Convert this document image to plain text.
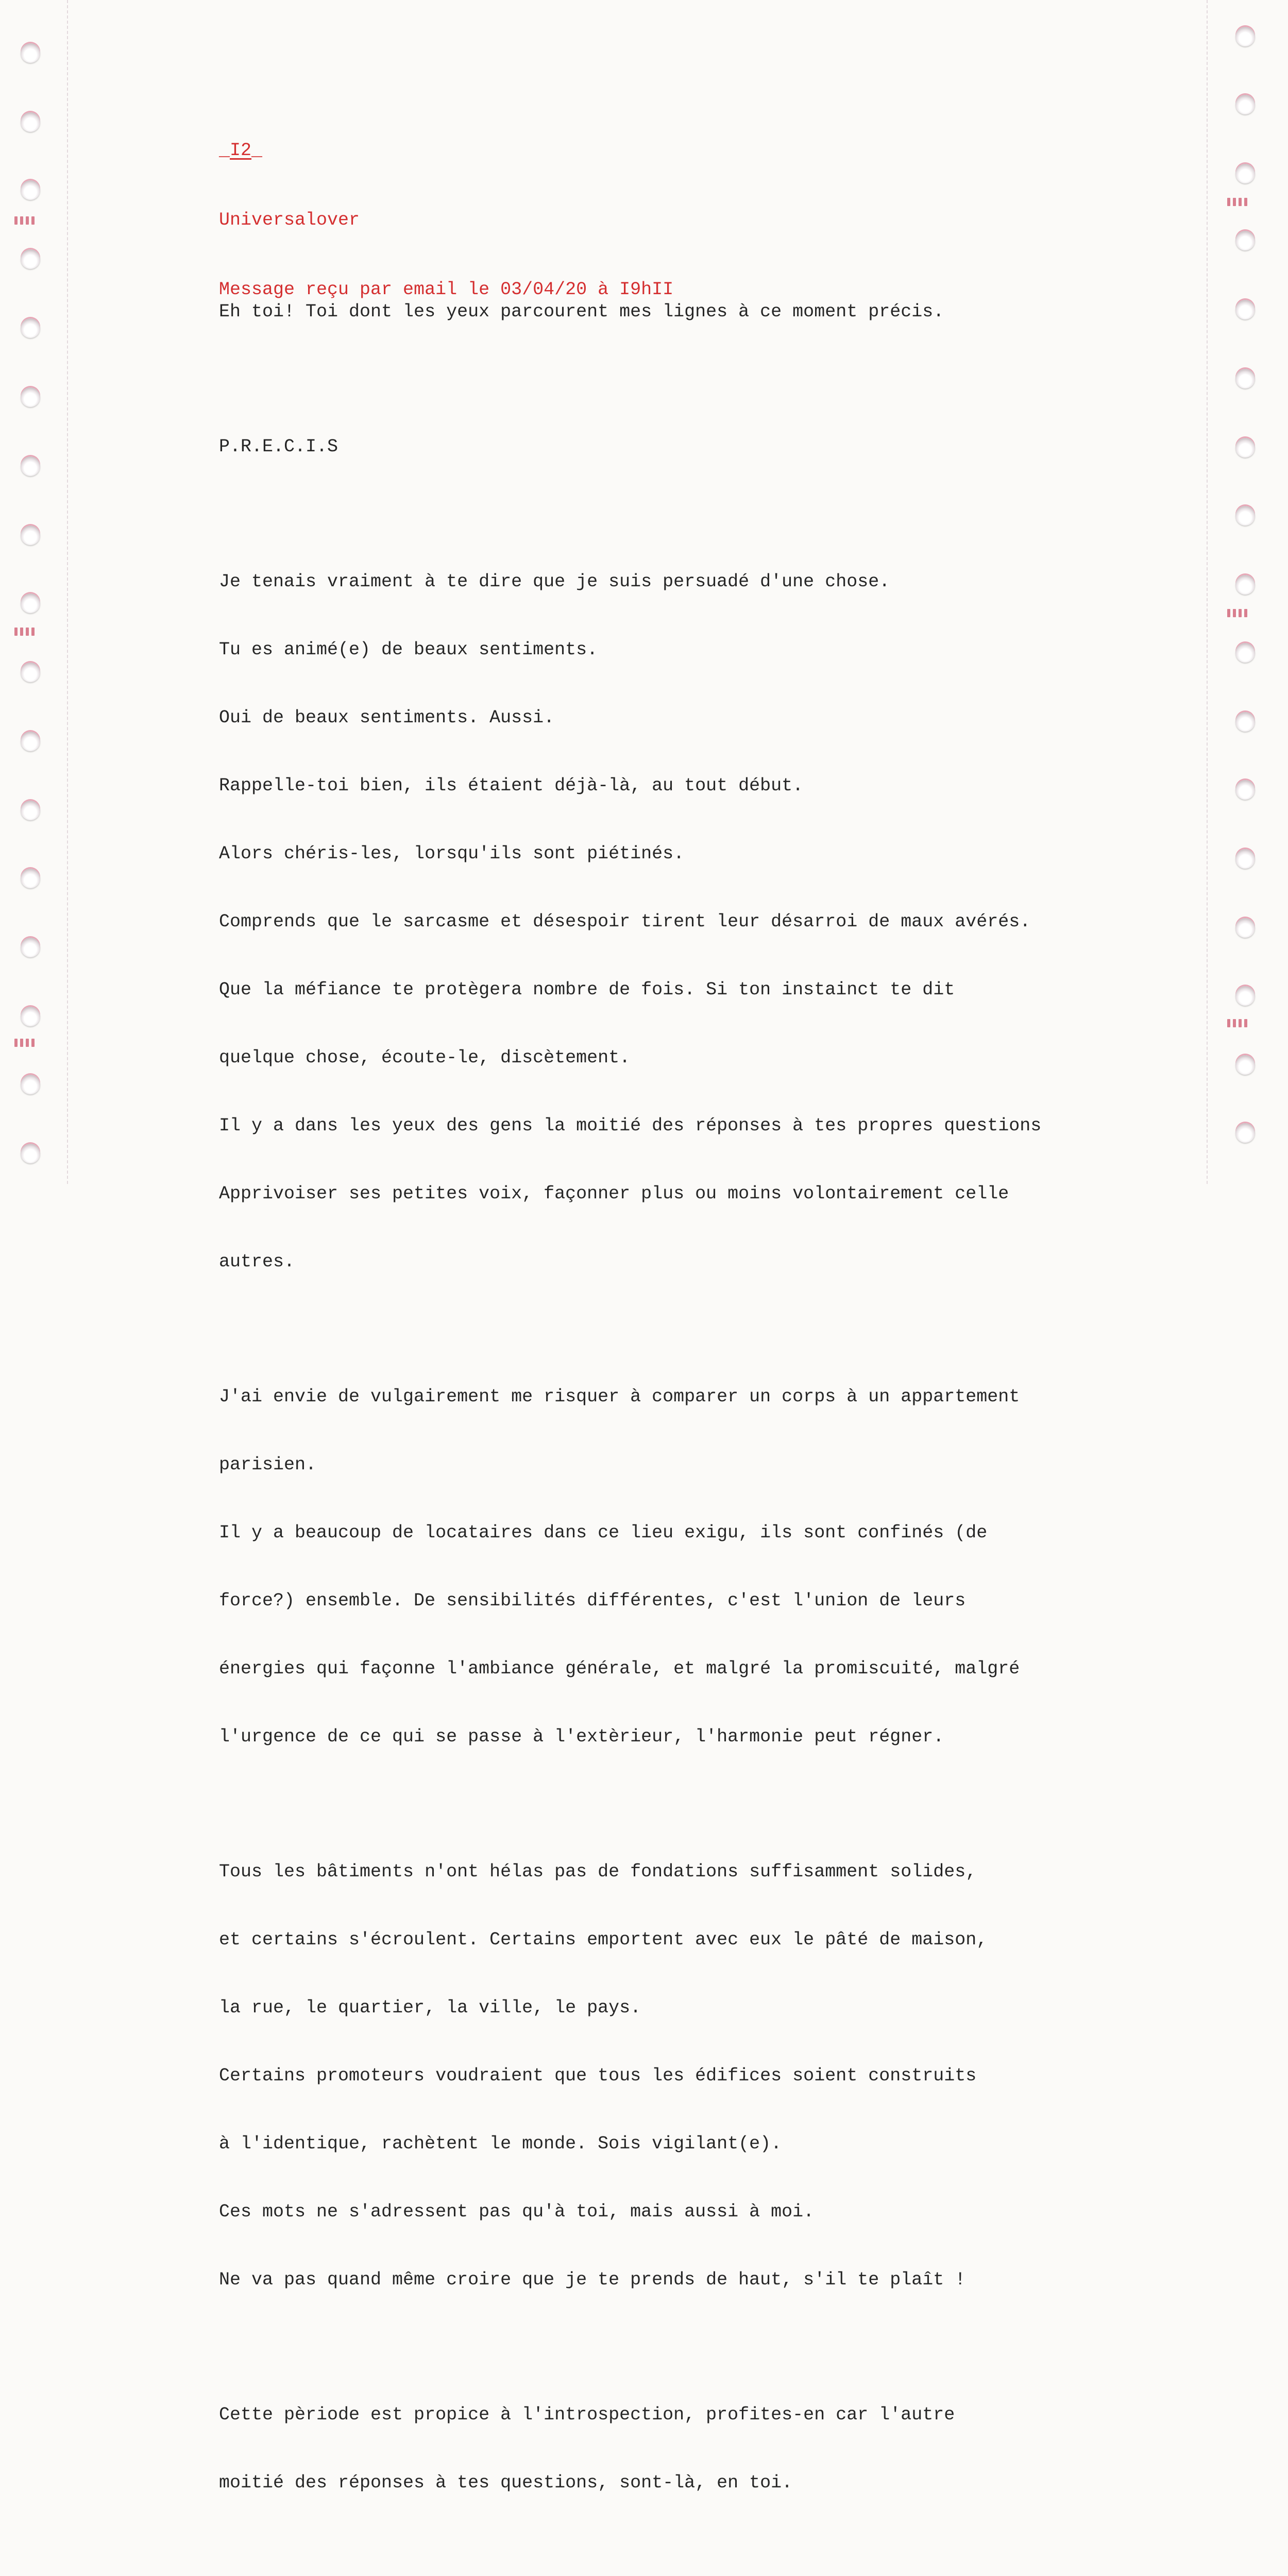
_I2_

Universalover

Message reçu par email le 03/04/20 à I9hII

Eh toi! Toi dont les yeux parcourent mes lignes à ce moment précis.

P.R.E.C.I.S

Je tenais vraiment à te dire que je suis persuadé d'une chose.

Tu es animé(e) de beaux sentiments.

Oui de beaux sentiments. Aussi.

Rappelle-toi bien, ils étaient déjà-là, au tout début.

Alors chéris-les, lorsqu'ils sont piétinés.

Comprends que le sarcasme et désespoir tirent leur désarroi de maux avérés.

Que la méfiance te protègera nombre de fois. Si ton instainct te dit

quelque chose, écoute-le, discètement.

Il y a dans les yeux des gens la moitié des réponses à tes propres questions

Apprivoiser ses petites voix, façonner plus ou moins volontairement celle

autres.

J'ai envie de vulgairement me risquer à comparer un corps à un appartement

parisien.

Il y a beaucoup de locataires dans ce lieu exigu, ils sont confinés (de

force?) ensemble. De sensibilités différentes, c'est l'union de leurs

énergies qui façonne l'ambiance générale, et malgré la promiscuité, malgré

l'urgence de ce qui se passe à l'extèrieur, l'harmonie peut régner.

Tous les bâtiments n'ont hélas pas de fondations suffisamment solides,

et certains s'écroulent. Certains emportent avec eux le pâté de maison,

la rue, le quartier, la ville, le pays.

Certains promoteurs voudraient que tous les édifices soient construits

à l'identique, rachètent le monde. Sois vigilant(e).

Ces mots ne s'adressent pas qu'à toi, mais aussi à moi.

Ne va pas quand même croire que je te prends de haut, s'il te plaît !

Cette pèriode est propice à l'introspection, profites-en car l'autre

moitié des réponses à tes questions, sont-là, en toi.
